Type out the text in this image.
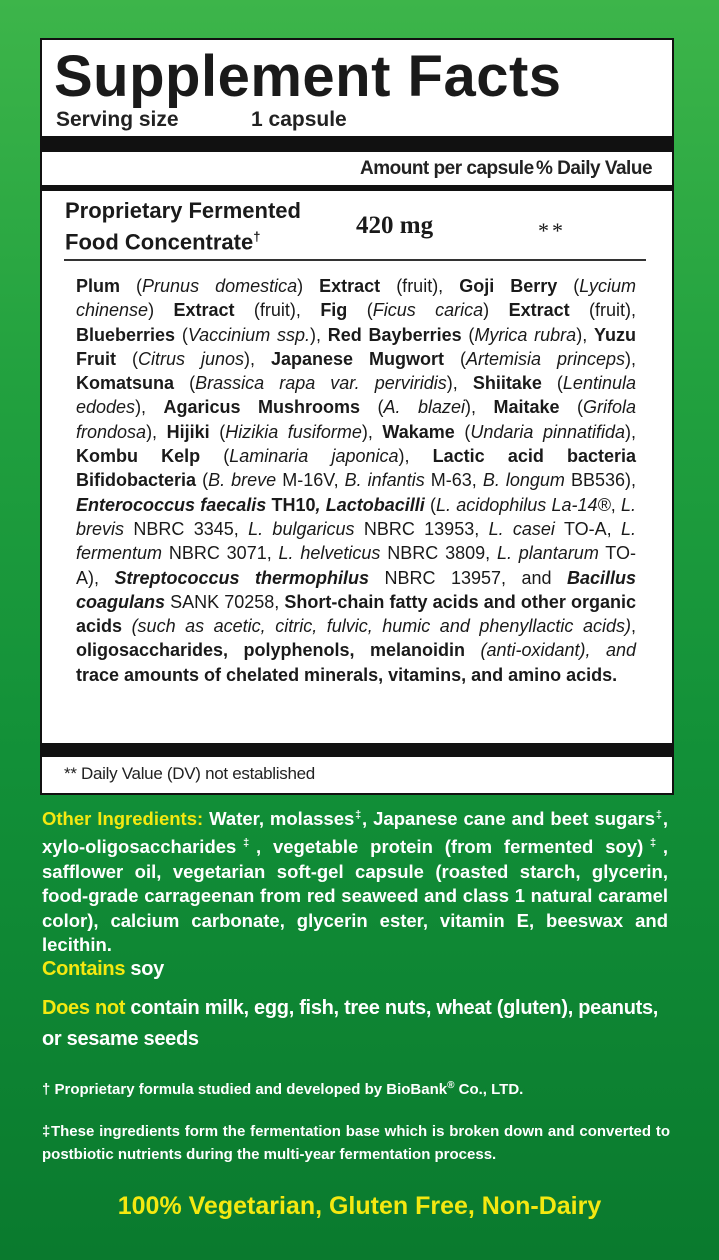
Supplement Facts
Serving size	1 capsule
Amount per capsule % Daily Value
Proprietary Fermented
Food Concentrate†	420 mg	**
Plum (Prunus domestica) Extract (fruit), Goji Berry (Lycium chinense) Extract (fruit), Fig (Ficus carica) Extract (fruit), Blueberries (Vaccinium ssp.), Red Bayberries (Myrica rubra), Yuzu Fruit (Citrus junos), Japanese Mugwort (Artemisia princeps), Komatsuna (Brassica rapa var. perviridis), Shiitake (Lentinula edodes), Agaricus Mushrooms (A. blazei), Maitake (Grifola frondosa), Hijiki (Hizikia fusiforme), Wakame (Undaria pinnatifida), Kombu Kelp (Laminaria japonica), Lactic acid bacteria Bifidobacteria (B. breve M-16V, B. infantis M-63, B. longum BB536), Enterococcus faecalis TH10, Lactobacilli (L. acidophilus La-14®, L. brevis NBRC 3345, L. bulgaricus NBRC 13953, L. casei TO-A, L. fermentum NBRC 3071, L. helveticus NBRC 3809, L. plantarum TO-A), Streptococcus thermophilus NBRC 13957, and Bacillus coagulans SANK 70258, Short-chain fatty acids and other organic acids (such as acetic, citric, fulvic, humic and phenyllactic acids), oligosaccharides, polyphenols, melanoidin (anti-oxidant), and trace amounts of chelated minerals, vitamins, and amino acids.
** Daily Value (DV) not established
Other Ingredients: Water, molasses‡, Japanese cane and beet sugars‡, xylo-oligosaccharides‡, vegetable protein (from fermented soy)‡, safflower oil, vegetarian soft-gel capsule (roasted starch, glycerin, food-grade carrageenan from red seaweed and class 1 natural caramel color), calcium carbonate, glycerin ester, vitamin E, beeswax and lecithin.
Contains soy
Does not contain milk, egg, fish, tree nuts, wheat (gluten), peanuts, or sesame seeds
† Proprietary formula studied and developed by BioBank® Co., LTD.
‡These ingredients form the fermentation base which is broken down and converted to postbiotic nutrients during the multi-year fermentation process.
100% Vegetarian, Gluten Free, Non-Dairy
